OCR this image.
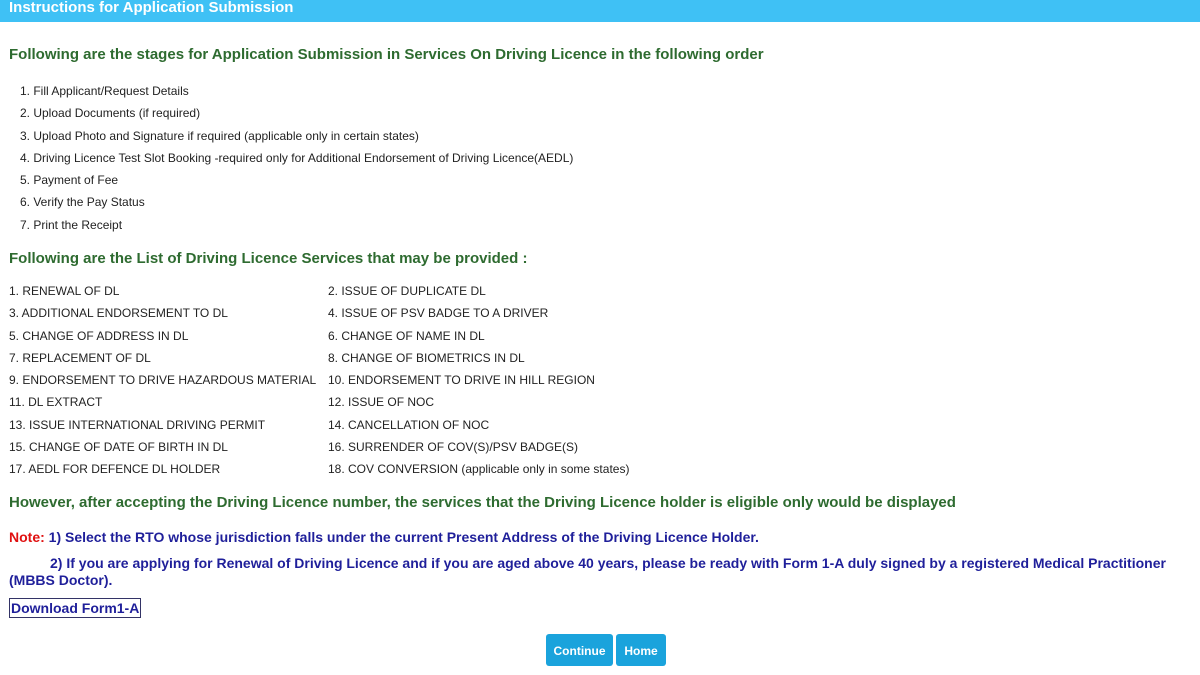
Instructions for Application Submission
Following are the stages for Application Submission in Services On Driving Licence in the following order
1. Fill Applicant/Request Details
2. Upload Documents (if required)
3. Upload Photo and Signature if required (applicable only in certain states)
4. Driving Licence Test Slot Booking -required only for Additional Endorsement of Driving Licence(AEDL)
5. Payment of Fee
6. Verify the Pay Status
7. Print the Receipt
Following are the List of Driving Licence Services that may be provided :
1. RENEWAL OF DL	2. ISSUE OF DUPLICATE DL
3. ADDITIONAL ENDORSEMENT TO DL	4. ISSUE OF PSV BADGE TO A DRIVER
5. CHANGE OF ADDRESS IN DL	6. CHANGE OF NAME IN DL
7. REPLACEMENT OF DL	8. CHANGE OF BIOMETRICS IN DL
9. ENDORSEMENT TO DRIVE HAZARDOUS MATERIAL 10. ENDORSEMENT TO DRIVE IN HILL REGION
11. DL EXTRACT	12. ISSUE OF NOC
13. ISSUE INTERNATIONAL DRIVING PERMIT	14. CANCELLATION OF NOC
15. CHANGE OF DATE OF BIRTH IN DL	16. SURRENDER OF COV(S)/PSV BADGE(S)
17. AEDL FOR DEFENCE DL HOLDER	18. COV CONVERSION (applicable only in some states)
However, after accepting the Driving Licence number, the services that the Driving Licence holder is eligible only would be displayed
Note: 1) Select the RTO whose jurisdiction falls under the current Present Address of the Driving Licence Holder.
2) If you are applying for Renewal of Driving Licence and if you are aged above 40 years, please be ready with Form 1-A duly signed by a registered Medical Practitioner (MBBS Doctor).
Download Form1-A
Continue	Home
